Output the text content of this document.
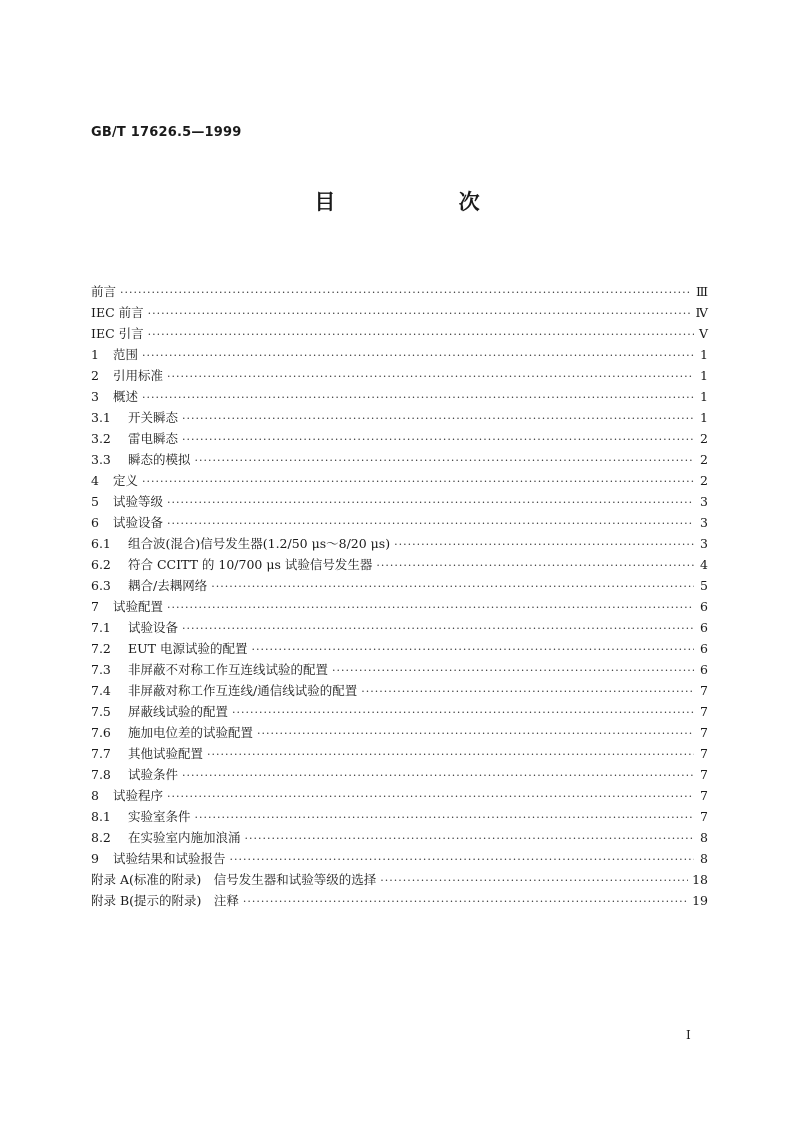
GB/T 17626.5—1999
目 次
前言 ·····	Ⅲ
IEC 前言 ·····	Ⅳ
IEC 引言 ·····	Ⅴ
1	范围 ·····	1
2	引用标准 ·····	1
3	概述 ·····	1
3.1	开关瞬态 ·····	1
3.2	雷电瞬态 ·····	2
3.3	瞬态的模拟 ·····	2
4	定义 ·····	2
5	试验等级 ·····	3
6	试验设备 ·····	3
6.1	组合波(混合)信号发生器(1.2/50 μs～8/20 μs) ·····	3
6.2	符合 CCITT 的 10/700 μs 试验信号发生器 ·····	4
6.3	耦合/去耦网络 ·····	5
7	试验配置 ·····	6
7.1	试验设备 ·····	6
7.2	EUT 电源试验的配置 ·····	6
7.3	非屏蔽不对称工作互连线试验的配置 ·····	6
7.4	非屏蔽对称工作互连线/通信线试验的配置 ·····	7
7.5	屏蔽线试验的配置 ·····	7
7.6	施加电位差的试验配置 ·····	7
7.7	其他试验配置 ·····	7
7.8	试验条件 ·····	7
8	试验程序 ·····	7
8.1	实验室条件 ·····	7
8.2	在实验室内施加浪涌 ·····	8
9	试验结果和试验报告 ·····	8
附录 A(标准的附录)　信号发生器和试验等级的选择 ·····	18
附录 B(提示的附录)　注释 ·····	19
I
